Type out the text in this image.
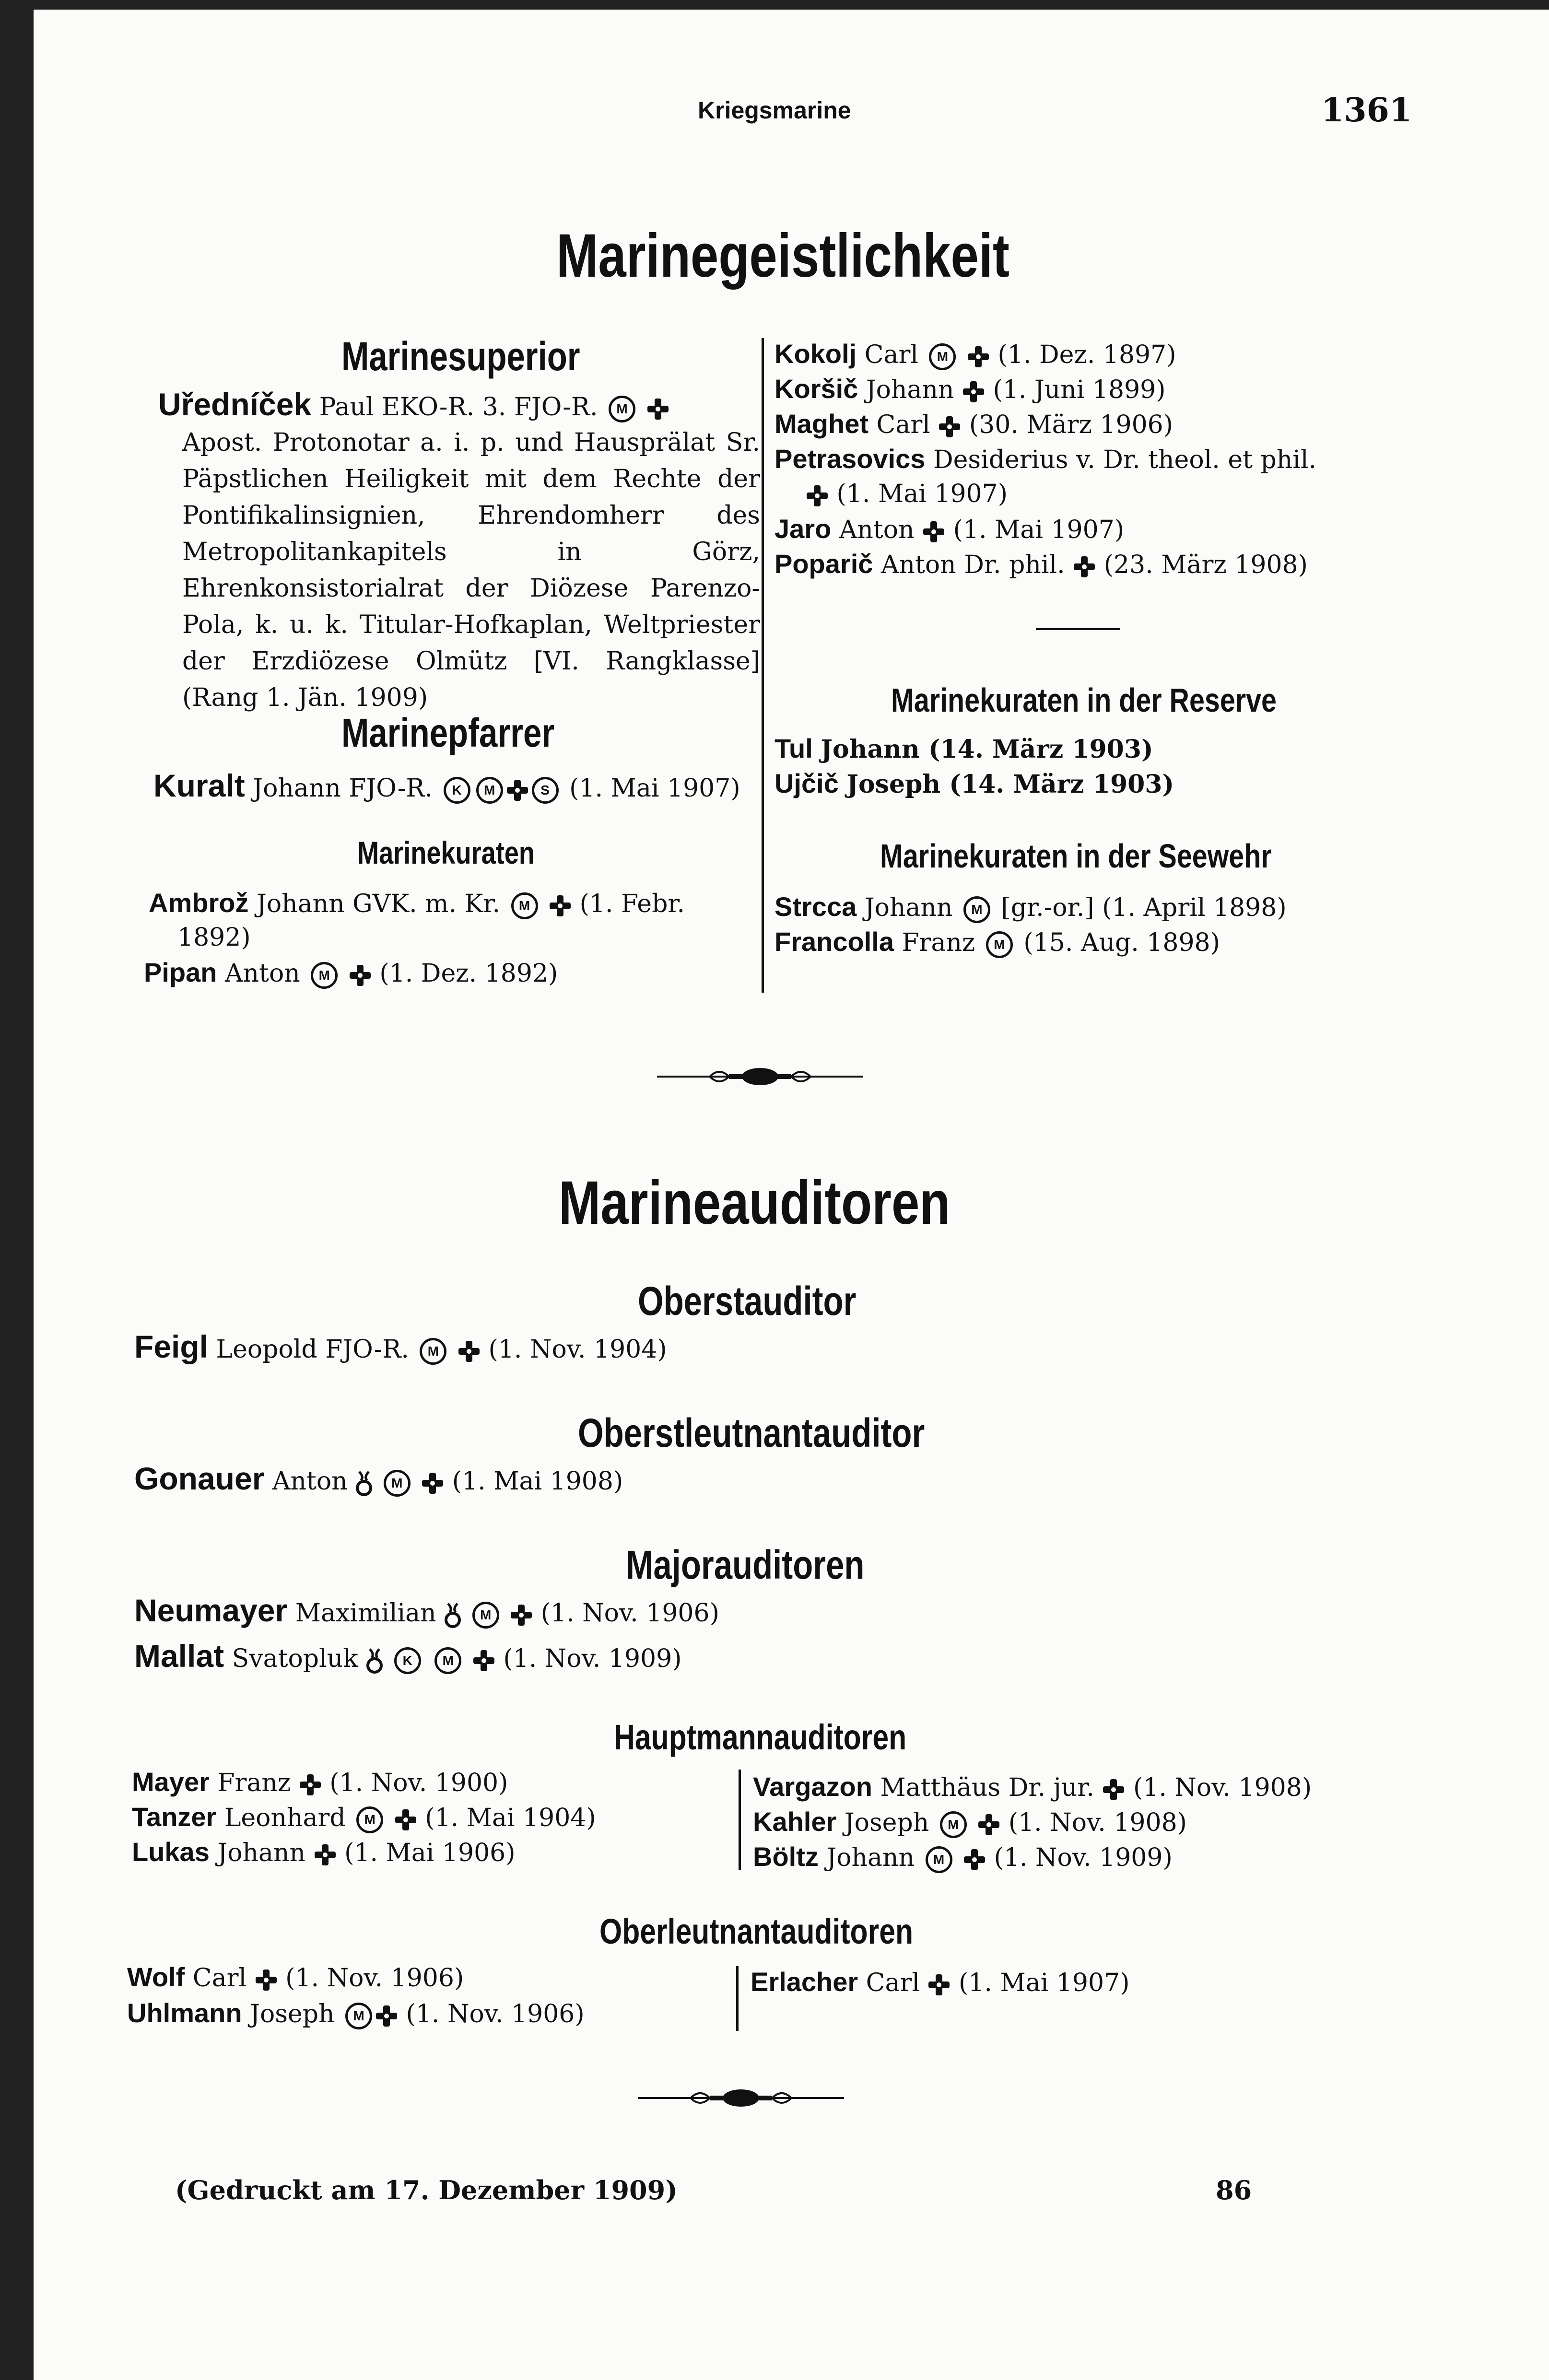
Kriegsmarine	1361
Marinegeistlichkeit
Marinesuperior
Uředníček Paul EKO-R. 3. FJO-R. M
Apost. Protonotar a. i. p. und Hausprälat Sr. Päpstlichen Heiligkeit mit dem Rechte der Pontifikalinsignien, Ehrendomherr des Metropolitankapitels in Görz, Ehrenkonsistorialrat der Diözese Parenzo-Pola, k. u. k. Titular-Hofkaplan, Weltpriester der Erzdiözese Olmütz [VI. Rangklasse] (Rang 1. Jän. 1909)
Marinepfarrer
Kuralt Johann FJO-R. K M	S (1. Mai 1907)
Marinekuraten
Ambrož Johann GVK. m. Kr. M (1. Febr.
1892)
Pipan Anton M (1. Dez. 1892)
Kokolj Carl M (1. Dez. 1897)
Koršič Johann (1. Juni 1899)
Maghet Carl (30. März 1906)
Petrasovics Desiderius v. Dr. theol. et phil.
(1. Mai 1907)
Jaro Anton (1. Mai 1907)
Poparič Anton Dr. phil. (23. März 1908)
Marinekuraten in der Reserve
Tul Johann (14. März 1903)
Ujčič Joseph (14. März 1903)
Marinekuraten in der Seewehr
Strcca Johann M [gr.-or.] (1. April 1898)
Francolla Franz M (15. Aug. 1898)
Marineauditoren
Oberstauditor
Feigl Leopold FJO-R. M (1. Nov. 1904)
Oberstleutnantauditor
Gonauer Anton	M (1. Mai 1908)
Majorauditoren
Neumayer Maximilian	M (1. Nov. 1906)
Mallat Svatopluk	K M (1. Nov. 1909)
Hauptmannauditoren
Mayer Franz (1. Nov. 1900)
Tanzer Leonhard M (1. Mai 1904)
Lukas Johann (1. Mai 1906)
Vargazon Matthäus Dr. jur. (1. Nov. 1908)
Kahler Joseph M (1. Nov. 1908)
Böltz Johann M (1. Nov. 1909)
Oberleutnantauditoren
Wolf Carl (1. Nov. 1906)
Uhlmann Joseph M (1. Nov. 1906)
Erlacher Carl (1. Mai 1907)
(Gedruckt am 17. Dezember 1909)	86
